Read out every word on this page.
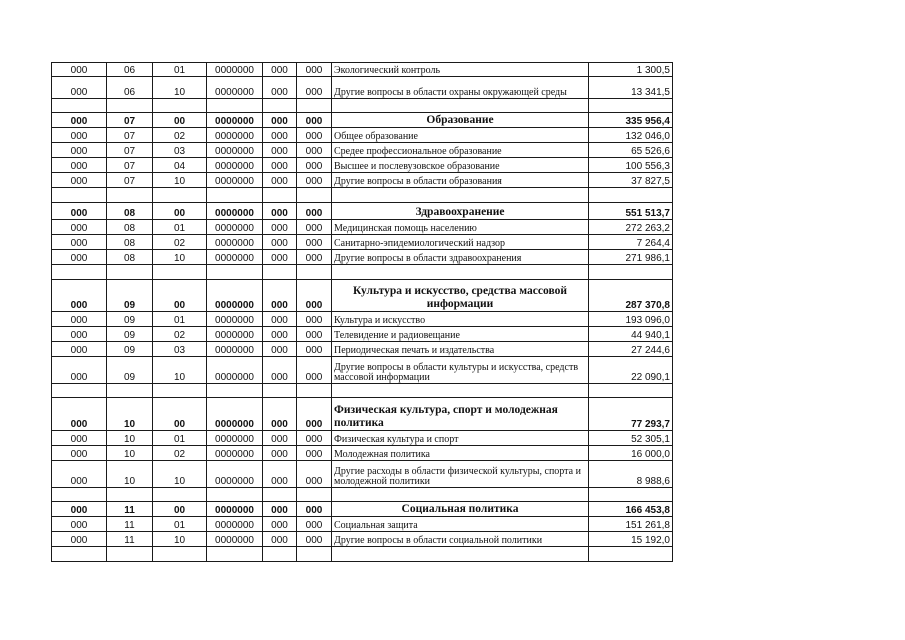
000	06	01	0000000	000	000	Экологический контроль	1 300,5
000	06	10	0000000	000	000	Другие вопросы в области охраны окружающей среды	13 341,5

000	07	00	0000000	000	000	Образование	335 956,4
000	07	02	0000000	000	000	Общее образование	132 046,0
000	07	03	0000000	000	000	Средее профессиональное образование	65 526,6
000	07	04	0000000	000	000	Высшее и послевузовское образование	100 556,3
000	07	10	0000000	000	000	Другие вопросы в области образования	37 827,5

000	08	00	0000000	000	000	Здравоохранение	551 513,7
000	08	01	0000000	000	000	Медицинская помощь населению	272 263,2
000	08	02	0000000	000	000	Санитарно-эпидемиологический надзор	7 264,4
000	08	10	0000000	000	000	Другие вопросы в области здравоохранения	271 986,1

000	09	00	0000000	000	000	Культура и искусство, средства массовой информации	287 370,8
000	09	01	0000000	000	000	Культура и искусство	193 096,0
000	09	02	0000000	000	000	Телевидение и радиовещание	44 940,1
000	09	03	0000000	000	000	Периодическая печать и издательства	27 244,6
000	09	10	0000000	000	000	Другие вопросы в области культуры и искусства, средств массовой информации	22 090,1

000	10	00	0000000	000	000	Физическая культура, спорт и молодежная политика	77 293,7
000	10	01	0000000	000	000	Физическая культура и спорт	52 305,1
000	10	02	0000000	000	000	Молодежная политика	16 000,0
000	10	10	0000000	000	000	Другие расходы в области физической культуры, спорта и молодежной политики	8 988,6

000	11	00	0000000	000	000	Социальная политика	166 453,8
000	11	01	0000000	000	000	Социальная защита	151 261,8
000	11	10	0000000	000	000	Другие вопросы в области социальной политики	15 192,0
